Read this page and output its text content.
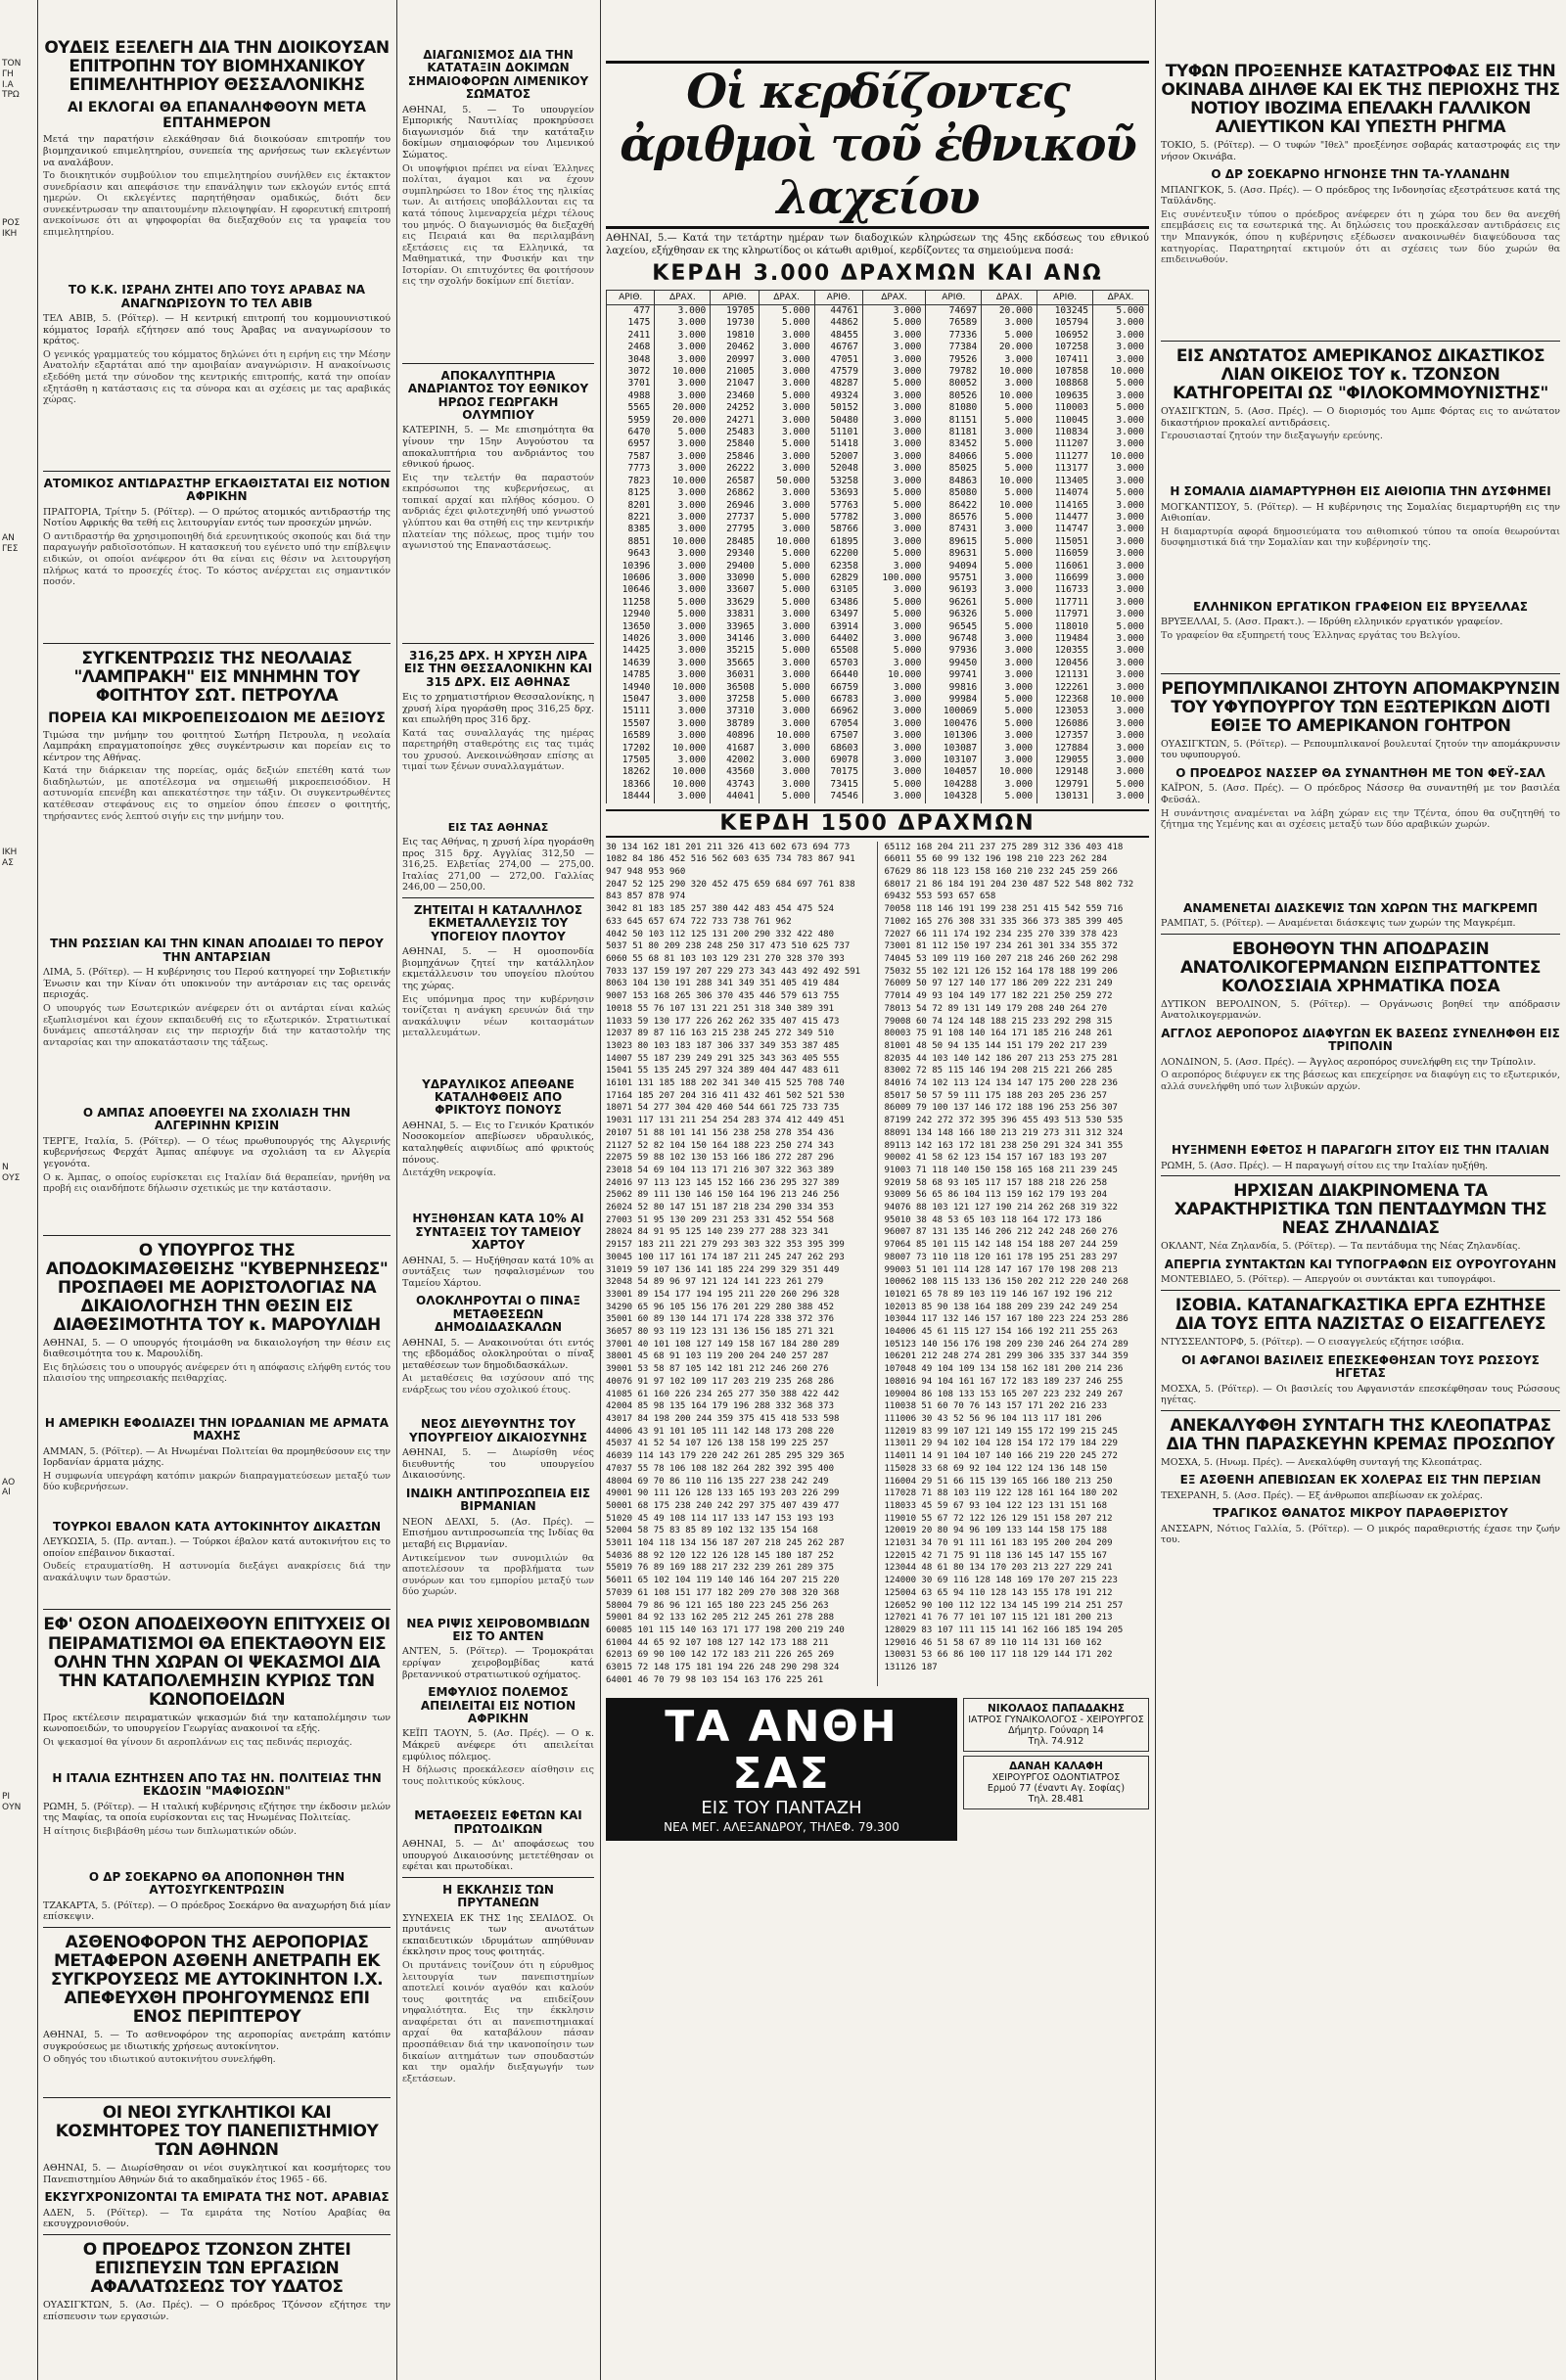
ΤΟΝ
ΓΗ
Ι.Α
ΤΡΩ
ΡΟΣ
ΙΚΗ
ΑΝ
ΓΕΣ
ΙΚΗ
ΑΣ
Ν
ΟΥΣ
ΑΟ
ΑΙ
ΡΙ
ΟΥΝ
ΟΥΔΕΙΣ ΕΞΕΛΕΓΗ ΔΙΑ ΤΗΝ ΔΙΟΙΚΟΥΣΑΝ ΕΠΙΤΡΟΠΗΝ ΤΟΥ ΒΙΟΜΗΧΑΝΙΚΟΥ ΕΠΙΜΕΛΗΤΗΡΙΟΥ ΘΕΣΣΑΛΟΝΙΚΗΣ
ΑΙ ΕΚΛΟΓΑΙ ΘΑ ΕΠΑΝΑΛΗΦΘΟΥΝ ΜΕΤΑ ΕΠΤΑΗΜΕΡΟΝ
Μετά την παρατήσιν ελεκάθησαν διά διοικούσαν επιτροπήν του βιομηχανικού επιμελητηρίου, συνεπεία της αρνήσεως των εκλεγέντων να αναλάβουν.
Το διοικητικόν συμβούλιον του επιμελητηρίου συνήλθεν εις έκτακτον συνεδρίασιν και απεφάσισε την επανάληψιν των εκλογών εντός επτά ημερών. Οι εκλεγέντες παρητήθησαν ομαδικώς, διότι δεν συνεκέντρωσαν την απαιτουμένην πλειοψηφίαν. Η εφορευτική επιτροπή ανεκοίνωσε ότι αι ψηφοφορίαι θα διεξαχθούν εις τα γραφεία του επιμελητηρίου.
ΤΟ Κ.Κ. ΙΣΡΑΗΛ ΖΗΤΕΙ ΑΠΟ ΤΟΥΣ ΑΡΑΒΑΣ ΝΑ ΑΝΑΓΝΩΡΙΣΟΥΝ ΤΟ ΤΕΛ ΑΒΙΒ
ΤΕΛ ΑΒΙΒ, 5. (Ρόϊτερ). — Η κεντρική επιτροπή του κομμουνιστικού κόμματος Ισραήλ εζήτησεν από τους Άραβας να αναγνωρίσουν το κράτος.
Ο γενικός γραμματεύς του κόμματος δηλώνει ότι η ειρήνη εις την Μέσην Ανατολήν εξαρτάται από την αμοιβαίαν αναγνώρισιν. Η ανακοίνωσις εξεδόθη μετά την σύνοδον της κεντρικής επιτροπής, κατά την οποίαν εξητάσθη η κατάστασις εις τα σύνορα και αι σχέσεις με τας αραβικάς χώρας.
ΑΤΟΜΙΚΟΣ ΑΝΤΙΔΡΑΣΤΗΡ ΕΓΚΑΘΙΣΤΑΤΑΙ ΕΙΣ ΝΟΤΙΟΝ ΑΦΡΙΚΗΝ
ΠΡΑΙΤΟΡΙΑ, Τρίτην 5. (Ρόϊτερ). — Ο πρώτος ατομικός αντιδραστήρ της Νοτίου Αφρικής θα τεθή εις λειτουργίαν εντός των προσεχών μηνών.
Ο αντιδραστήρ θα χρησιμοποιηθή διά ερευνητικούς σκοπούς και διά την παραγωγήν ραδιοϊσοτόπων. Η κατασκευή του εγένετο υπό την επίβλεψιν ειδικών, οι οποίοι ανέφερον ότι θα είναι εις θέσιν να λειτουργήση πλήρως κατά το προσεχές έτος. Το κόστος ανέρχεται εις σημαντικόν ποσόν.
ΣΥΓΚΕΝΤΡΩΣΙΣ ΤΗΣ ΝΕΟΛΑΙΑΣ "ΛΑΜΠΡΑΚΗ" ΕΙΣ ΜΝΗΜΗΝ ΤΟΥ ΦΟΙΤΗΤΟΥ ΣΩΤ. ΠΕΤΡΟΥΛΑ
ΠΟΡΕΙΑ ΚΑΙ ΜΙΚΡΟΕΠΕΙΣΟΔΙΟΝ ΜΕ ΔΕΞΙΟΥΣ
Τιμώσα την μνήμην του φοιτητού Σωτήρη Πετρουλα, η νεολαία Λαμπράκη επραγματοποίησε χθες συγκέντρωσιν και πορείαν εις το κέντρον της Αθήνας.
Κατά την διάρκειαν της πορείας, ομάς δεξιών επετέθη κατά των διαδηλωτών, με αποτέλεσμα να σημειωθή μικροεπεισόδιον. Η αστυνομία επενέβη και απεκατέστησε την τάξιν. Οι συγκεντρωθέντες κατέθεσαν στεφάνους εις το σημείον όπου έπεσεν ο φοιτητής, τηρήσαντες ενός λεπτού σιγήν εις την μνήμην του.
ΤΗΝ ΡΩΣΣΙΑΝ ΚΑΙ ΤΗΝ ΚΙΝΑΝ ΑΠΟΔΙΔΕΙ ΤΟ ΠΕΡΟΥ ΤΗΝ ΑΝΤΑΡΣΙΑΝ
ΛΙΜΑ, 5. (Ρόϊτερ). — Η κυβέρνησις του Περού κατηγορεί την Σοβιετικήν Ένωσιν και την Κίναν ότι υποκινούν την αντάρσιαν εις τας ορεινάς περιοχάς.
Ο υπουργός των Εσωτερικών ανέφερεν ότι οι αντάρται είναι καλώς εξωπλισμένοι και έχουν εκπαιδευθή εις το εξωτερικόν. Στρατιωτικαί δυνάμεις απεστάλησαν εις την περιοχήν διά την καταστολήν της ανταρσίας και την αποκατάστασιν της τάξεως.
Ο ΑΜΠΑΣ ΑΠΟΘΕΥΓΕΙ ΝΑ ΣΧΟΛΙΑΣΗ ΤΗΝ ΑΛΓΕΡΙΝΗΝ ΚΡΙΣΙΝ
ΤΕΡΓΕ, Ιταλία, 5. (Ρόϊτερ). — Ο τέως πρωθυπουργός της Αλγερινής κυβερνήσεως Φερχάτ Άμπας απέφυγε να σχολιάση τα εν Αλγερία γεγονότα.
Ο κ. Άμπας, ο οποίος ευρίσκεται εις Ιταλίαν διά θεραπείαν, ηρνήθη να προβή εις οιανδήποτε δήλωσιν σχετικώς με την κατάστασιν.
Ο ΥΠΟΥΡΓΟΣ ΤΗΣ ΑΠΟΔΟΚΙΜΑΣΘΕΙΣΗΣ "ΚΥΒΕΡΝΗΣΕΩΣ" ΠΡΟΣΠΑΘΕΙ ΜΕ ΑΟΡΙΣΤΟΛΟΓΙΑΣ ΝΑ ΔΙΚΑΙΟΛΟΓΗΣΗ ΤΗΝ ΘΕΣΙΝ ΕΙΣ ΔΙΑΘΕΣΙΜΟΤΗΤΑ ΤΟΥ κ. ΜΑΡΟΥΛΙΔΗ
ΑΘΗΝΑΙ, 5. — Ο υπουργός ήτοιμάσθη να δικαιολογήση την θέσιν εις διαθεσιμότητα του κ. Μαρουλίδη.
Εις δηλώσεις του ο υπουργός ανέφερεν ότι η απόφασις ελήφθη εντός του πλαισίου της υπηρεσιακής πειθαρχίας.
Η ΑΜΕΡΙΚΗ ΕΦΟΔΙΑΖΕΙ ΤΗΝ ΙΟΡΔΑΝΙΑΝ ΜΕ ΑΡΜΑΤΑ ΜΑΧΗΣ
ΑΜΜΑΝ, 5. (Ρόϊτερ). — Αι Ηνωμέναι Πολιτείαι θα προμηθεύσουν εις την Ιορδανίαν άρματα μάχης.
Η συμφωνία υπεγράφη κατόπιν μακρών διαπραγματεύσεων μεταξύ των δύο κυβερνήσεων.
ΤΟΥΡΚΟΙ ΕΒΑΛΟΝ ΚΑΤΑ ΑΥΤΟΚΙΝΗΤΟΥ ΔΙΚΑΣΤΩΝ
ΛΕΥΚΩΣΙΑ, 5. (Πρ. ανταπ.). — Τούρκοι έβαλον κατά αυτοκινήτου εις το οποίον επέβαινον δικασταί.
Ουδείς ετραυματίσθη. Η αστυνομία διεξάγει ανακρίσεις διά την ανακάλυψιν των δραστών.
ΕΦ' ΟΣΟΝ ΑΠΟΔΕΙΧΘΟΥΝ ΕΠΙΤΥΧΕΙΣ ΟΙ ΠΕΙΡΑΜΑΤΙΣΜΟΙ ΘΑ ΕΠΕΚΤΑΘΟΥΝ ΕΙΣ ΟΛΗΝ ΤΗΝ ΧΩΡΑΝ ΟΙ ΨΕΚΑΣΜΟΙ ΔΙΑ ΤΗΝ ΚΑΤΑΠΟΛΕΜΗΣΙΝ ΚΥΡΙΩΣ ΤΩΝ ΚΩΝΟΠΟΕΙΔΩΝ
Προς εκτέλεσιν πειραματικών ψεκασμών διά την καταπολέμησιν των κωνοποειδών, το υπουργείον Γεωργίας ανακοινοί τα εξής.
Οι ψεκασμοί θα γίνουν δι αεροπλάνων εις τας πεδινάς περιοχάς.
Η ΙΤΑΛΙΑ ΕΖΗΤΗΣΕΝ ΑΠΟ ΤΑΣ ΗΝ. ΠΟΛΙΤΕΙΑΣ ΤΗΝ ΕΚΔΟΣΙΝ "ΜΑΦΙΟΣΩΝ"
ΡΩΜΗ, 5. (Ρόϊτερ). — Η ιταλική κυβέρνησις εζήτησε την έκδοσιν μελών της Μαφίας, τα οποία ευρίσκονται εις τας Ηνωμένας Πολιτείας.
Η αίτησις διεβιβάσθη μέσω των διπλωματικών οδών.
Ο ΔΡ ΣΟΕΚΑΡΝΟ ΘΑ ΑΠΟΠΟΝΗΘΗ ΤΗΝ ΑΥΤΟΣΥΓΚΕΝΤΡΩΣΙΝ
ΤΖΑΚΑΡΤΑ, 5. (Ρόϊτερ). — Ο πρόεδρος Σοεκάρνο θα αναχωρήση διά μίαν επίσκεψιν.
ΑΣΘΕΝΟΦΟΡΟΝ ΤΗΣ ΑΕΡΟΠΟΡΙΑΣ ΜΕΤΑΦΕΡΟΝ ΑΣΘΕΝΗ ΑΝΕΤΡΑΠΗ ΕΚ ΣΥΓΚΡΟΥΣΕΩΣ ΜΕ ΑΥΤΟΚΙΝΗΤΟΝ Ι.Χ. ΑΠΕΦΕΥΧΘΗ ΠΡΟΗΓΟΥΜΕΝΩΣ ΕΠΙ ΕΝΟΣ ΠΕΡΙΠΤΕΡΟΥ
ΑΘΗΝΑΙ, 5. — Το ασθενοφόρον της αεροπορίας ανετράπη κατόπιν συγκρούσεως με ιδιωτικής χρήσεως αυτοκίνητον.
Ο οδηγός του ιδιωτικού αυτοκινήτου συνελήφθη.
ΟΙ ΝΕΟΙ ΣΥΓΚΛΗΤΙΚΟΙ ΚΑΙ ΚΟΣΜΗΤΟΡΕΣ ΤΟΥ ΠΑΝΕΠΙΣΤΗΜΙΟΥ ΤΩΝ ΑΘΗΝΩΝ
ΑΘΗΝΑΙ, 5. — Διωρίσθησαν οι νέοι συγκλητικοί και κοσμήτορες του Πανεπιστημίου Αθηνών διά το ακαδημαϊκόν έτος 1965 - 66.
ΕΚΣΥΓΧΡΟΝΙΖΟΝΤΑΙ ΤΑ ΕΜΙΡΑΤΑ ΤΗΣ ΝΟΤ. ΑΡΑΒΙΑΣ
ΑΔΕΝ, 5. (Ρόϊτερ). — Τα εμιράτα της Νοτίου Αραβίας θα εκσυγχρονισθούν.
Ο ΠΡΟΕΔΡΟΣ ΤΖΟΝΣΟΝ ΖΗΤΕΙ ΕΠΙΣΠΕΥΣΙΝ ΤΩΝ ΕΡΓΑΣΙΩΝ ΑΦΑΛΑΤΩΣΕΩΣ ΤΟΥ ΥΔΑΤΟΣ
ΟΥΑΣΙΓΚΤΩΝ, 5. (Ασ. Πρές). — Ο πρόεδρος Τζόνσον εζήτησε την επίσπευσιν των εργασιών.
ΔΙΑΓΩΝΙΣΜΟΣ ΔΙΑ ΤΗΝ ΚΑΤΑΤΑΞΙΝ ΔΟΚΙΜΩΝ ΣΗΜΑΙΟΦΟΡΩΝ ΛΙΜΕΝΙΚΟΥ ΣΩΜΑΤΟΣ
ΑΘΗΝΑΙ, 5. — Το υπουργείον Εμπορικής Ναυτιλίας προκηρύσσει διαγωνισμόν διά την κατάταξιν δοκίμων σημαιοφόρων του Λιμενικού Σώματος.
Οι υποψήφιοι πρέπει να είναι Έλληνες πολίται, άγαμοι και να έχουν συμπληρώσει το 18ον έτος της ηλικίας των. Αι αιτήσεις υποβάλλονται εις τα κατά τόπους λιμεναρχεία μέχρι τέλους του μηνός. Ο διαγωνισμός θα διεξαχθή εις Πειραιά και θα περιλαμβάνη εξετάσεις εις τα Ελληνικά, τα Μαθηματικά, την Φυσικήν και την Ιστορίαν. Οι επιτυχόντες θα φοιτήσουν εις την σχολήν δοκίμων επί διετίαν.
ΑΠΟΚΑΛΥΠΤΗΡΙΑ ΑΝΔΡΙΑΝΤΟΣ ΤΟΥ ΕΘΝΙΚΟΥ ΗΡΩΟΣ ΓΕΩΡΓΑΚΗ ΟΛΥΜΠΙΟΥ
ΚΑΤΕΡΙΝΗ, 5. — Με επισημότητα θα γίνουν την 15ην Αυγούστου τα αποκαλυπτήρια του ανδριάντος του εθνικού ήρωος.
Εις την τελετήν θα παραστούν εκπρόσωποι της κυβερνήσεως, αι τοπικαί αρχαί και πλήθος κόσμου. Ο ανδριάς έχει φιλοτεχνηθή υπό γνωστού γλύπτου και θα στηθή εις την κεντρικήν πλατείαν της πόλεως, προς τιμήν του αγωνιστού της Επαναστάσεως.
316,25 ΔΡΧ. Η ΧΡΥΣΗ ΛΙΡΑ ΕΙΣ ΤΗΝ ΘΕΣΣΑΛΟΝΙΚΗΝ ΚΑΙ 315 ΔΡΧ. ΕΙΣ ΑΘΗΝΑΣ
Εις το χρηματιστήριον Θεσσαλονίκης, η χρυσή λίρα ηγοράσθη προς 316,25 δρχ. και επωλήθη προς 316 δρχ.
Κατά τας συναλλαγάς της ημέρας παρετηρήθη σταθερότης εις τας τιμάς του χρυσού. Ανεκοινώθησαν επίσης αι τιμαί των ξένων συναλλαγμάτων.
ΕΙΣ ΤΑΣ ΑΘΗΝΑΣ
Εις τας Αθήνας, η χρυσή λίρα ηγοράσθη προς 315 δρχ. Αγγλίας 312,50 — 316,25. Ελβετίας 274,00 — 275,00. Ιταλίας 271,00 — 272,00. Γαλλίας 246,00 — 250,00.
ΖΗΤΕΙΤΑΙ Η ΚΑΤΑΛΛΗΛΟΣ ΕΚΜΕΤΑΛΛΕΥΣΙΣ ΤΟΥ ΥΠΟΓΕΙΟΥ ΠΛΟΥΤΟΥ
ΑΘΗΝΑΙ, 5. — Η ομοσπονδία βιομηχάνων ζητεί την κατάλληλον εκμετάλλευσιν του υπογείου πλούτου της χώρας.
Εις υπόμνημα προς την κυβέρνησιν τονίζεται η ανάγκη ερευνών διά την ανακάλυψιν νέων κοιτασμάτων μεταλλευμάτων.
ΥΔΡΑΥΛΙΚΟΣ ΑΠΕΘΑΝΕ ΚΑΤΑΛΗΦΘΕΙΣ ΑΠΟ ΦΡΙΚΤΟΥΣ ΠΟΝΟΥΣ
ΑΘΗΝΑΙ, 5. — Εις το Γενικόν Κρατικόν Νοσοκομείον απεβίωσεν υδραυλικός, καταληφθείς αιφνιδίως από φρικτούς πόνους.
Διετάχθη νεκροψία.
ΗΥΞΗΘΗΣΑΝ ΚΑΤΑ 10% ΑΙ ΣΥΝΤΑΞΕΙΣ ΤΟΥ ΤΑΜΕΙΟΥ ΧΑΡΤΟΥ
ΑΘΗΝΑΙ, 5. — Ηυξήθησαν κατά 10% αι συντάξεις των ησφαλισμένων του Ταμείου Χάρτου.
ΟΛΟΚΛΗΡΟΥΤΑΙ Ο ΠΙΝΑΞ ΜΕΤΑΘΕΣΕΩΝ ΔΗΜΟΔΙΔΑΣΚΑΛΩΝ
ΑΘΗΝΑΙ, 5. — Ανακοινούται ότι εντός της εβδομάδος ολοκληρούται ο πίναξ μεταθέσεων των δημοδιδασκάλων.
Αι μεταθέσεις θα ισχύσουν από της ενάρξεως του νέου σχολικού έτους.
ΝΕΟΣ ΔΙΕΥΘΥΝΤΗΣ ΤΟΥ ΥΠΟΥΡΓΕΙΟΥ ΔΙΚΑΙΟΣΥΝΗΣ
ΑΘΗΝΑΙ, 5. — Διωρίσθη νέος διευθυντής του υπουργείου Δικαιοσύνης.
ΙΝΔΙΚΗ ΑΝΤΙΠΡΟΣΩΠΕΙΑ ΕΙΣ ΒΙΡΜΑΝΙΑΝ
ΝΕΟΝ ΔΕΛΧΙ, 5. (Ασ. Πρές). — Επισήμου αντιπροσωπεία της Ινδίας θα μεταβή εις Βιρμανίαν.
Αντικείμενον των συνομιλιών θα αποτελέσουν τα προβλήματα των συνόρων και του εμπορίου μεταξύ των δύο χωρών.
ΝΕΑ ΡΙΨΙΣ ΧΕΙΡΟΒΟΜΒΙΔΩΝ ΕΙΣ ΤΟ ΑΝΤΕΝ
ΑΝΤΕΝ, 5. (Ρόϊτερ). — Τρομοκράται ερρίψαν χειροβομβίδας κατά βρεταννικού στρατιωτικού οχήματος.
ΕΜΦΥΛΙΟΣ ΠΟΛΕΜΟΣ ΑΠΕΙΛΕΙΤΑΙ ΕΙΣ ΝΟΤΙΟΝ ΑΦΡΙΚΗΝ
ΚΕΪΠ ΤΑΟΥΝ, 5. (Ασ. Πρές). — Ο κ. Μάκρεϋ ανέφερε ότι απειλείται εμφύλιος πόλεμος.
Η δήλωσις προεκάλεσεν αίσθησιν εις τους πολιτικούς κύκλους.
ΜΕΤΑΘΕΣΕΙΣ ΕΦΕΤΩΝ ΚΑΙ ΠΡΩΤΟΔΙΚΩΝ
ΑΘΗΝΑΙ, 5. — Δι' αποφάσεως του υπουργού Δικαιοσύνης μετετέθησαν οι εφέται και πρωτοδίκαι.
Η ΕΚΚΛΗΣΙΣ ΤΩΝ ΠΡΥΤΑΝΕΩΝ
ΣΥΝΕΧΕΙΑ ΕΚ ΤΗΣ 1ης ΣΕΛΙΔΟΣ. Οι πρυτάνεις των ανωτάτων εκπαιδευτικών ιδρυμάτων απηύθυναν έκκλησιν προς τους φοιτητάς.
Οι πρυτάνεις τονίζουν ότι η εύρυθμος λειτουργία των πανεπιστημίων αποτελεί κοινόν αγαθόν και καλούν τους φοιτητάς να επιδείξουν νηφαλιότητα. Εις την έκκλησιν αναφέρεται ότι αι πανεπιστημιακαί αρχαί θα καταβάλουν πάσαν προσπάθειαν διά την ικανοποίησιν των δικαίων αιτημάτων των σπουδαστών και την ομαλήν διεξαγωγήν των εξετάσεων.
Οἱ κερδίζοντες ἀριθμοὶ τοῦ ἐθνικοῦ λαχείου
ΑΘΗΝΑΙ, 5.— Κατά την τετάρτην ημέραν των διαδοχικών κληρώσεων της 45ης εκδόσεως του εθνικού λαχείου, εξήχθησαν εκ της κληρωτίδος οι κάτωθι αριθμοί, κερδίζοντες τα σημειούμενα ποσά:
ΚΕΡΔΗ 3.000 ΔΡΑΧΜΩΝ ΚΑΙ ΑΝΩ
ΑΡΙΘ.	ΔΡΑΧ.	ΑΡΙΘ.	ΔΡΑΧ.	ΑΡΙΘ.	ΔΡΑΧ.	ΑΡΙΘ.	ΔΡΑΧ.	ΑΡΙΘ.	ΔΡΑΧ.
477	3.000	19705	5.000	44761	3.000	74697	20.000	103245	5.000
1475	3.000	19730	5.000	44862	5.000	76589	3.000	105794	3.000
2411	3.000	19810	3.000	48455	3.000	77336	5.000	106952	3.000
2468	3.000	20462	3.000	46767	3.000	77384	20.000	107258	3.000
3048	3.000	20997	3.000	47051	3.000	79526	3.000	107411	3.000
3072	10.000	21005	3.000	47579	3.000	79782	10.000	107858	10.000
3701	3.000	21047	3.000	48287	5.000	80052	3.000	108868	5.000
4988	3.000	23460	5.000	49324	3.000	80526	10.000	109635	3.000
5565	20.000	24252	3.000	50152	3.000	81080	5.000	110003	5.000
5959	20.000	24271	3.000	50480	3.000	81151	5.000	110045	3.000
6470	5.000	25483	3.000	51101	3.000	81181	3.000	110834	3.000
6957	3.000	25840	5.000	51418	3.000	83452	5.000	111207	3.000
7587	3.000	25846	3.000	52007	3.000	84066	5.000	111277	10.000
7773	3.000	26222	3.000	52048	3.000	85025	5.000	113177	3.000
7823	10.000	26587	50.000	53258	3.000	84863	10.000	113405	3.000
8125	3.000	26862	3.000	53693	5.000	85080	5.000	114074	5.000
8201	3.000	26946	3.000	57763	5.000	86422	10.000	114165	3.000
8221	3.000	27737	5.000	57782	3.000	86576	5.000	114477	3.000
8385	3.000	27795	3.000	58766	3.000	87431	3.000	114747	3.000
8851	10.000	28485	10.000	61895	3.000	89615	5.000	115051	3.000
9643	3.000	29340	5.000	62200	5.000	89631	5.000	116059	3.000
10396	3.000	29400	5.000	62358	3.000	94094	5.000	116061	3.000
10606	3.000	33090	5.000	62829	100.000	95751	3.000	116699	3.000
10646	3.000	33607	5.000	63105	3.000	96193	3.000	116733	3.000
11258	5.000	33629	5.000	63486	5.000	96261	5.000	117711	3.000
12940	5.000	33831	3.000	63497	5.000	96326	5.000	117971	3.000
13650	3.000	33965	3.000	63914	3.000	96545	5.000	118010	5.000
14026	3.000	34146	3.000	64402	3.000	96748	3.000	119484	3.000
14425	3.000	35215	5.000	65508	5.000	97936	3.000	120355	3.000
14639	3.000	35665	3.000	65703	3.000	99450	3.000	120456	3.000
14785	3.000	36031	3.000	66440	10.000	99741	3.000	121131	3.000
14940	10.000	36508	5.000	66759	3.000	99816	3.000	122261	3.000
15047	3.000	37258	5.000	66783	3.000	99984	5.000	122368	10.000
15111	3.000	37310	3.000	66962	3.000	100069	5.000	123053	3.000
15507	3.000	38789	3.000	67054	3.000	100476	5.000	126086	3.000
16589	3.000	40896	10.000	67507	3.000	101306	3.000	127357	3.000
17202	10.000	41687	3.000	68603	3.000	103087	3.000	127884	3.000
17505	3.000	42002	3.000	69078	3.000	103107	3.000	129055	3.000
18262	10.000	43560	3.000	70175	3.000	104057	10.000	129148	3.000
18366	10.000	43743	3.000	73415	5.000	104288	3.000	129791	5.000
18444	3.000	44041	5.000	74546	3.000	104328	5.000	130131	3.000
ΚΕΡΔΗ 1500 ΔΡΑΧΜΩΝ
30 134 162 181 201 211 326 413 602 673 694 773
1082 84 186 452 516 562 603 635 734 783 867 941
947 948 953 960
2047 52 125 290 320 452 475 659 684 697 761 838
843 857 878 974
3042 81 183 185 257 380 442 483 454 475 524
633 645 657 674 722 733 738 761 962
4042 50 103 112 125 131 200 290 332 422 480
5037 51 80 209 238 248 250 317 473 510 625 737
6060 55 68 81 103 103 129 231 270 328 370 393
7033 137 159 197 207 229 273 343 443 492 492 591
8063 104 130 191 288 341 349 351 405 419 484
9007 153 168 265 306 370 435 446 579 613 755
10018 55 76 107 131 221 251 318 340 389 391
11033 59 130 177 226 262 262 335 407 415 473
12037 89 87 116 163 215 238 245 272 349 510
13023 80 103 183 187 306 337 349 353 387 485
14007 55 187 239 249 291 325 343 363 405 555
15041 55 135 245 297 324 389 404 447 483 611
16101 131 185 188 202 341 340 415 525 708 740
17164 185 207 204 316 411 432 461 502 521 530
18071 54 277 304 420 460 544 661 725 733 735
19031 117 131 211 254 254 283 374 412 449 451
20107 51 88 101 141 156 238 258 278 354 436
21127 52 82 104 150 164 188 223 250 274 343
22075 59 88 102 130 153 166 186 272 287 296
23018 54 69 104 113 171 216 307 322 363 389
24016 97 113 123 145 152 166 236 295 327 389
25062 89 111 130 146 150 164 196 213 246 256
26024 52 80 147 151 187 218 234 290 334 353
27003 51 95 130 209 231 253 331 452 554 568
28024 84 91 95 125 140 239 277 288 323 341
29157 183 211 221 279 293 303 322 353 395 399
30045 100 117 161 174 187 211 245 247 262 293
31019 59 107 136 141 185 224 299 329 351 449
32048 54 89 96 97 121 124 141 223 261 279
33001 89 154 177 194 195 211 220 260 296 328
34290 65 96 105 156 176 201 229 280 388 452
35001 60 89 130 144 171 174 228 338 372 376
36057 80 93 119 123 131 136 156 185 271 321
37001 40 101 108 127 149 158 167 184 280 289
38001 45 68 91 103 119 200 204 240 257 287
39001 53 58 87 105 142 181 212 246 260 276
40076 91 97 102 109 117 203 219 235 268 286
41085 61 160 226 234 265 277 350 388 422 442
42004 85 98 135 164 179 196 288 332 368 373
43017 84 198 200 244 359 375 415 418 533 598
44006 43 91 101 105 111 142 148 173 208 220
45037 41 52 54 107 126 138 158 199 225 257
46039 114 143 179 220 242 261 285 295 329 365
47037 55 78 106 108 182 264 282 392 395 400
48004 69 70 86 110 116 135 227 238 242 249
49001 90 111 126 128 133 165 193 203 226 299
50001 68 175 238 240 242 297 375 407 439 477
51020 45 49 108 114 117 133 147 153 193 193
52004 58 75 83 85 89 102 132 135 154 168
53011 104 118 134 156 187 207 218 245 262 287
54036 88 92 120 122 126 128 145 180 187 252
55019 76 89 169 188 217 232 239 261 289 375
56011 65 102 104 119 140 146 164 207 215 220
57039 61 108 151 177 182 209 270 308 320 368
58004 79 86 96 121 165 180 223 245 256 263
59001 84 92 133 162 205 212 245 261 278 288
60085 101 115 140 163 171 177 198 200 219 240
61004 44 65 92 107 108 127 142 173 188 211
62013 69 90 100 142 172 183 211 226 265 269
63015 72 148 175 181 194 226 248 290 298 324
64001 46 70 79 98 103 154 163 176 225 261
65112 168 204 211 237 275 289 312 336 403 418
66011 55 60 99 132 196 198 210 223 262 284
67629 86 118 123 158 160 210 232 245 259 266
68017 21 86 184 191 204 230 487 522 548 802 732
69432 553 593 657 658
70058 118 146 191 199 238 251 415 542 559 716
71002 165 276 308 331 335 366 373 385 399 405
72027 66 111 174 192 234 235 270 339 378 423
73001 81 112 150 197 234 261 301 334 355 372
74045 53 109 119 160 207 218 246 260 262 298
75032 55 102 121 126 152 164 178 188 199 206
76009 50 97 127 140 177 186 209 222 231 249
77014 49 93 104 149 177 182 221 250 259 272
78013 54 72 89 131 149 179 208 240 264 270
79008 60 74 124 148 188 215 233 292 298 315
80003 75 91 108 140 164 171 185 216 248 261
81001 48 50 94 135 144 151 179 202 217 239
82035 44 103 140 142 186 207 213 253 275 281
83002 72 85 115 146 194 208 215 221 266 285
84016 74 102 113 124 134 147 175 200 228 236
85017 50 57 59 111 175 188 203 205 236 257
86009 79 100 137 146 172 188 196 253 256 307
87199 242 272 372 395 396 455 493 513 530 535
88091 134 148 166 180 213 219 273 311 312 324
89113 142 163 172 181 238 250 291 324 341 355
90002 41 58 62 123 154 157 167 183 193 207
91003 71 118 140 150 158 165 168 211 239 245
92019 58 68 93 105 117 157 188 218 226 258
93009 56 65 86 104 113 159 162 179 193 204
94076 88 103 121 127 190 214 262 268 319 322
95010 38 48 53 65 103 118 164 172 173 186
96007 87 131 135 146 206 212 242 248 260 276
97064 85 101 115 142 148 154 188 207 244 259
98007 73 110 118 120 161 178 195 251 283 297
99003 51 101 114 128 147 167 170 198 208 213
100062 108 115 133 136 150 202 212 220 240 268
101021 65 78 89 103 119 146 167 192 196 212
102013 85 90 138 164 188 209 239 242 249 254
103044 117 132 146 157 167 180 223 224 253 286
104006 45 61 115 127 154 166 192 211 255 263
105123 140 156 176 198 209 230 246 264 274 289
106201 212 248 274 281 299 306 335 337 344 359
107048 49 104 109 134 158 162 181 200 214 236
108016 94 104 161 167 172 183 189 237 246 255
109004 86 108 133 153 165 207 223 232 249 267
110038 51 60 70 76 143 157 171 202 216 233
111006 30 43 52 56 96 104 113 117 181 206
112019 83 99 107 121 149 155 172 199 215 245
113011 29 94 102 104 128 154 172 179 184 229
114011 14 91 104 107 140 166 219 220 245 272
115028 33 68 69 92 104 122 124 136 148 150
116004 29 51 66 115 139 165 166 180 213 250
117028 71 88 103 119 122 128 161 164 180 202
118033 45 59 67 93 104 122 123 131 151 168
119010 55 67 72 122 126 129 151 158 207 212
120019 20 80 94 96 109 133 144 158 175 188
121031 34 70 91 111 161 183 195 200 204 209
122015 42 71 75 91 118 136 145 147 155 167
123044 48 61 80 134 170 203 213 227 229 241
124000 30 69 116 128 148 169 170 207 215 223
125004 63 65 94 110 128 143 155 178 191 212
126052 90 100 112 122 134 145 199 214 251 257
127021 41 76 77 101 107 115 121 181 200 213
128029 83 107 111 115 141 162 166 185 194 205
129016 46 51 58 67 89 110 114 131 160 162
130031 53 66 86 100 117 118 129 144 171 202
131126 187
ΤΑ ΑΝΘΗ ΣΑΣ
ΕΙΣ ΤΟΥ ΠΑΝΤΑΖΗ
ΝΕΑ ΜΕΓ. ΑΛΕΞΑΝΔΡΟΥ, ΤΗΛΕΦ. 79.300
ΝΙΚΟΛΑΟΣ ΠΑΠΑΔΑΚΗΣ
ΙΑΤΡΟΣ ΓΥΝΑΙΚΟΛΟΓΟΣ - ΧΕΙΡΟΥΡΓΟΣ
Δήμητρ. Γούναρη 14
Τηλ. 74.912
ΔΑΝΑΗ ΚΑΛΑΦΗ
ΧΕΙΡΟΥΡΓΟΣ ΟΔΟΝΤΙΑΤΡΟΣ
Ερμού 77 (έναντι Αγ. Σοφίας)
Τηλ. 28.481
ΤΥΦΩΝ ΠΡΟΞΕΝΗΣΕ ΚΑΤΑΣΤΡΟΦΑΣ ΕΙΣ ΤΗΝ ΟΚΙΝΑΒΑ ΔΙΗΛΘΕ ΚΑΙ ΕΚ ΤΗΣ ΠΕΡΙΟΧΗΣ ΤΗΣ ΝΟΤΙΟΥ ΙΒΟΖΙΜΑ ΕΠΕΛΑΚΗ ΓΑΛΛΙΚΟΝ ΑΛΙΕΥΤΙΚΟΝ ΚΑΙ ΥΠΕΣΤΗ ΡΗΓΜΑ
ΤΟΚΙΟ, 5. (Ρόϊτερ). — Ο τυφών "Ιθελ" προεξένησε σοβαράς καταστροφάς εις την νήσον Οκινάβα.
Ο ΔΡ ΣΟΕΚΑΡΝΟ ΗΓΝΟΗΣΕ ΤΗΝ ΤΑ-ΥΛΑΝΔΗΝ
ΜΠΑΝΓΚΟΚ, 5. (Ασσ. Πρές). — Ο πρόεδρος της Ινδονησίας εξεστράτευσε κατά της Ταϋλάνδης.
Εις συνέντευξιν τύπου ο πρόεδρος ανέφερεν ότι η χώρα του δεν θα ανεχθή επεμβάσεις εις τα εσωτερικά της. Αι δηλώσεις του προεκάλεσαν αντιδράσεις εις την Μπανγκόκ, όπου η κυβέρνησις εξέδωσεν ανακοινωθέν διαψεύδουσα τας κατηγορίας. Παρατηρηταί εκτιμούν ότι αι σχέσεις των δύο χωρών θα επιδεινωθούν.
ΕΙΣ ΑΝΩΤΑΤΟΣ ΑΜΕΡΙΚΑΝΟΣ ΔΙΚΑΣΤΙΚΟΣ ΛΙΑΝ ΟΙΚΕΙΟΣ ΤΟΥ κ. ΤΖΟΝΣΟΝ ΚΑΤΗΓΟΡΕΙΤΑΙ ΩΣ "ΦΙΛΟΚΟΜΜΟΥΝΙΣΤΗΣ"
ΟΥΑΣΙΓΚΤΩΝ, 5. (Ασσ. Πρές). — Ο διορισμός του Αμπε Φόρτας εις το ανώτατον δικαστήριον προκαλεί αντιδράσεις.
Γερουσιασταί ζητούν την διεξαγωγήν ερεύνης.
Η ΣΟΜΑΛΙΑ ΔΙΑΜΑΡΤΥΡΗΘΗ ΕΙΣ ΑΙΘΙΟΠΙΑ ΤΗΝ ΔΥΣΦΗΜΕΙ
ΜΟΓΚΑΝΤΙΣΟΥ, 5. (Ρόϊτερ). — Η κυβέρνησις της Σομαλίας διεμαρτυρήθη εις την Αιθιοπίαν.
Η διαμαρτυρία αφορά δημοσιεύματα του αιθιοπικού τύπου τα οποία θεωρούνται δυσφημιστικά διά την Σομαλίαν και την κυβέρνησίν της.
ΕΛΛΗΝΙΚΟΝ ΕΡΓΑΤΙΚΟΝ ΓΡΑΦΕΙΟΝ ΕΙΣ ΒΡΥΞΕΛΛΑΣ
ΒΡΥΞΕΛΛΑΙ, 5. (Ασσ. Πρακτ.). — Ιδρύθη ελληνικόν εργατικόν γραφείον.
Το γραφείον θα εξυπηρετή τους Έλληνας εργάτας του Βελγίου.
ΡΕΠΟΥΜΠΛΙΚΑΝΟΙ ΖΗΤΟΥΝ ΑΠΟΜΑΚΡΥΝΣΙΝ ΤΟΥ ΥΦΥΠΟΥΡΓΟΥ ΤΩΝ ΕΞΩΤΕΡΙΚΩΝ ΔΙΟΤΙ ΕΘΙΞΕ ΤΟ ΑΜΕΡΙΚΑΝΟΝ ΓΟΗΤΡΟΝ
ΟΥΑΣΙΓΚΤΩΝ, 5. (Ρόϊτερ). — Ρεπουμπλικανοί βουλευταί ζητούν την απομάκρυνσιν του υφυπουργού.
Ο ΠΡΟΕΔΡΟΣ ΝΑΣΣΕΡ ΘΑ ΣΥΝΑΝΤΗΘΗ ΜΕ ΤΟΝ ΦΕΫ-ΣΑΛ
ΚΑΪΡΟΝ, 5. (Ασσ. Πρές). — Ο πρόεδρος Νάσσερ θα συναντηθή με τον βασιλέα Φεϋσάλ.
Η συνάντησις αναμένεται να λάβη χώραν εις την Τζέντα, όπου θα συζητηθή το ζήτημα της Υεμένης και αι σχέσεις μεταξύ των δύο αραβικών χωρών.
ΑΝΑΜΕΝΕΤΑΙ ΔΙΑΣΚΕΨΙΣ ΤΩΝ ΧΩΡΩΝ ΤΗΣ ΜΑΓΚΡΕΜΠ
ΡΑΜΠΑΤ, 5. (Ρόϊτερ). — Αναμένεται διάσκεψις των χωρών της Μαγκρέμπ.
ΕΒΟΗΘΟΥΝ ΤΗΝ ΑΠΟΔΡΑΣΙΝ ΑΝΑΤΟΛΙΚΟΓΕΡΜΑΝΩΝ ΕΙΣΠΡΑΤΤΟΝΤΕΣ ΚΟΛΟΣΣΙΑΙΑ ΧΡΗΜΑΤΙΚΑ ΠΟΣΑ
ΔΥΤΙΚΟΝ ΒΕΡΟΛΙΝΟΝ, 5. (Ρόϊτερ). — Οργάνωσις βοηθεί την απόδρασιν Ανατολικογερμανών.
ΑΓΓΛΟΣ ΑΕΡΟΠΟΡΟΣ ΔΙΑΦΥΓΩΝ ΕΚ ΒΑΣΕΩΣ ΣΥΝΕΛΗΦΘΗ ΕΙΣ ΤΡΙΠΟΛΙΝ
ΛΟΝΔΙΝΟΝ, 5. (Ασσ. Πρές). — Άγγλος αεροπόρος συνελήφθη εις την Τρίπολιν.
Ο αεροπόρος διέφυγεν εκ της βάσεως και επεχείρησε να διαφύγη εις το εξωτερικόν, αλλά συνελήφθη υπό των λιβυκών αρχών.
ΗΥΞΗΜΕΝΗ ΕΦΕΤΟΣ Η ΠΑΡΑΓΩΓΗ ΣΙΤΟΥ ΕΙΣ ΤΗΝ ΙΤΑΛΙΑΝ
ΡΩΜΗ, 5. (Ασσ. Πρές). — Η παραγωγή σίτου εις την Ιταλίαν ηυξήθη.
ΗΡΧΙΣΑΝ ΔΙΑΚΡΙΝΟΜΕΝΑ ΤΑ ΧΑΡΑΚΤΗΡΙΣΤΙΚΑ ΤΩΝ ΠΕΝΤΑΔΥΜΩΝ ΤΗΣ ΝΕΑΣ ΖΗΛΑΝΔΙΑΣ
ΟΚΛΑΝΤ, Νέα Ζηλανδία, 5. (Ρόϊτερ). — Τα πεντάδυμα της Νέας Ζηλανδίας.
ΑΠΕΡΓΙΑ ΣΥΝΤΑΚΤΩΝ ΚΑΙ ΤΥΠΟΓΡΑΦΩΝ ΕΙΣ ΟΥΡΟΥΓΟΥΑΗΝ
ΜΟΝΤΕΒΙΔΕΟ, 5. (Ρόϊτερ). — Απεργούν οι συντάκται και τυπογράφοι.
ΙΣΟΒΙΑ. ΚΑΤΑΝΑΓΚΑΣΤΙΚΑ ΕΡΓΑ ΕΖΗΤΗΣΕ ΔΙΑ ΤΟΥΣ ΕΠΤΑ ΝΑΖΙΣΤΑΣ Ο ΕΙΣΑΓΓΕΛΕΥΣ
ΝΤΥΣΣΕΛΝΤΟΡΦ, 5. (Ρόϊτερ). — Ο εισαγγελεύς εζήτησε ισόβια.
ΟΙ ΑΦΓΑΝΟΙ ΒΑΣΙΛΕΙΣ ΕΠΕΣΚΕΦΘΗΣΑΝ ΤΟΥΣ ΡΩΣΣΟΥΣ ΗΓΕΤΑΣ
ΜΟΣΧΑ, 5. (Ρόϊτερ). — Οι βασιλείς του Αφγανιστάν επεσκέφθησαν τους Ρώσσους ηγέτας.
ΑΝΕΚΑΛΥΦΘΗ ΣΥΝΤΑΓΗ ΤΗΣ ΚΛΕΟΠΑΤΡΑΣ ΔΙΑ ΤΗΝ ΠΑΡΑΣΚΕΥΗΝ ΚΡΕΜΑΣ ΠΡΟΣΩΠΟΥ
ΜΟΣΧΑ, 5. (Ηνωμ. Πρές). — Ανεκαλύφθη συνταγή της Κλεοπάτρας.
ΕΞ ΑΣΘΕΝΗ ΑΠΕΒΙΩΣΑΝ ΕΚ ΧΟΛΕΡΑΣ ΕΙΣ ΤΗΝ ΠΕΡΣΙΑΝ
ΤΕΧΕΡΑΝΗ, 5. (Ασσ. Πρές). — Εξ άνθρωποι απεβίωσαν εκ χολέρας.
ΤΡΑΓΙΚΟΣ ΘΑΝΑΤΟΣ ΜΙΚΡΟΥ ΠΑΡΑΘΕΡΙΣΤΟΥ
ΑΝΣΣΑΡΝ, Νότιος Γαλλία, 5. (Ρόϊτερ). — Ο μικρός παραθεριστής έχασε την ζωήν του.
